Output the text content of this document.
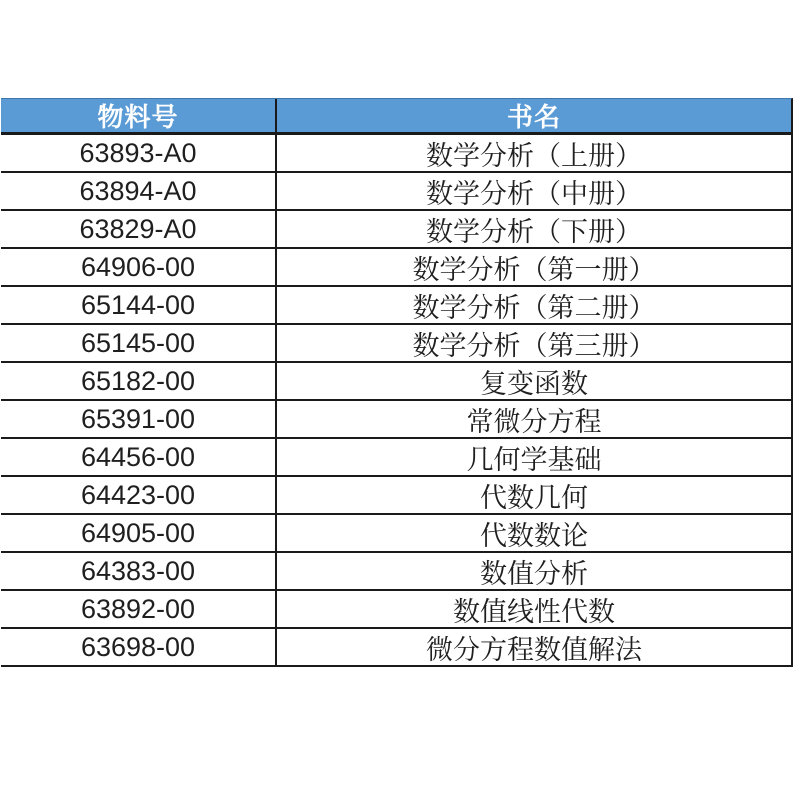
物料号	书名
63893-A0	数学分析（上册）
63894-A0	数学分析（中册）
63829-A0	数学分析（下册）
64906-00	数学分析（第一册）
65144-00	数学分析（第二册）
65145-00	数学分析（第三册）
65182-00	复变函数
65391-00	常微分方程
64456-00	几何学基础
64423-00	代数几何
64905-00	代数数论
64383-00	数值分析
63892-00	数值线性代数
63698-00	微分方程数值解法
